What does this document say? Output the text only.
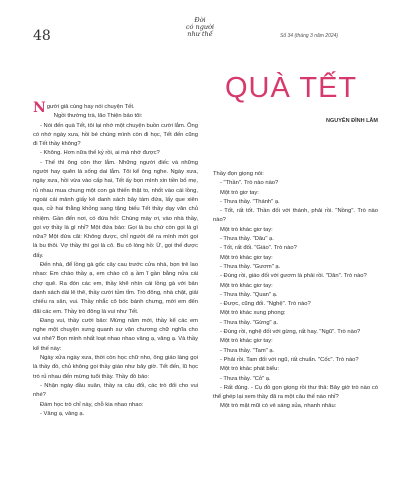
48
Đời
có người
như thế	Số 34 (tháng 3 năm 2024)
QUÀ TẾT
NGUYỄN ĐÌNH LÂM

Người giả cùng hay nói chuyện Tết.

Ngồi thường trà, lão Thiện bảo tôi:

- Nói đến quà Tết, tôi lại nhớ một chuyện buồn cười lắm. Ông có nhớ ngày xưa, hồi bé chúng mình còn đi học, Tết đến cũng đi Tết thầy không?

- Không. Hơn nữa thế kỷ rồi, ai mà nhớ được?

- Thế thì ông còn thơ lắm. Những người điếc và những người hay quên là sống dai lắm. Tôi kể ông nghe. Ngày xưa, ngày xưa, hồi vừa vào cấp hai, Tết ấy bọn mình xin tiền bố mẹ, rủ nhau mua chung một con gà thiến thật to, nhốt vào cái lồng, ngoài cái mảnh giấy kẻ danh sách bây tám đứa, lấy que xiên qua, cử hai thằng khỏng sang tặng biếu Tết thầy dạy văn chủ nhiệm. Gần đến nơi, có đứa hỏi: Chúng mày ơi, vào nhà thầy, gọi vợ thầy là gì nhỉ? Một đứa bảo: Gọi là bu chứ còn gọi là gì nữa? Một đứa cãi: Không được, chỉ người đẻ ra mình mới gọi là bu thôi. Vợ thầy thì gọi là cô. Bu cô lòng hồ: Ừ, gọi thế được đấy.

Đến nhà, để lồng gà gốc cây cau trước cửa nhà, bọn trẻ lao nhao: Em chào thầy ạ, em chào cô ạ ầm ĩ gần bằng nửa cái chợ quê. Ra đón các em, thầy khẽ nhìn cái lồng gà với bản danh sách dài lê thê, thầy cười tủm tỉm. Trò đông, nhà chật, giải chiếu ra sân, vui. Thầy nhắc cô bóc bánh chưng, mời em đến đãi các em. Thầy trò đông là vui như Tết.

Đang vui, thầy cười bảo: Mừng năm mới, thầy kể các em nghe một chuyện xưng quanh sự văn chương chữ nghĩa cho vui nhé? Bọn mình nhất loạt nhao nhao vâng ạ, vâng ạ. Và thầy kể thế này:

Ngày xửa ngày xưa, thời còn học chữ nho, ông giáo làng gọi là thầy đồ, chủ không gọi thầy giáo như bây giờ. Tết đến, lũ học trò rủ nhau đến mừng tuổi thầy. Thầy đồ bảo:

- Nhận ngày đầu xuân, thầy ra câu đối, các trò đối cho vui nhé?

Đám học trò chỉ này, chỗ kia nhao nhao:

- Vâng ạ, vâng ạ.

Thầy đọn giọng nói:

- "Thần". Trò nào nào?

Một trò giơ tay:

- Thưa thầy. "Thánh" ạ.

- Tốt, rất tốt. Thần đối với thánh, phải rồi. "Nồng". Trò nào nào?

Một trò khác giơ tay:

- Thưa thầy. "Dâu" ạ.

- Tốt, rất đối. "Giáo". Trò nào?

Một trò khác giơ tay:

- Thưa thầy. "Gươm" ạ.

- Đúng rồi, giáo đối với gươm là phải rồi. "Dân". Trò nào?

Một trò khác giơ tay:

- Thưa thầy. "Quan" ạ.

- Được, cũng đối. "Nghệ". Trò nào?

Một trò khác xung phong:

- Thưa thầy. "Gừng" ạ.

- Đúng rồi, nghệ đối với gừng, rất hay. "Ngũ". Trò nào?

Một trò khác giơ tay:

- Thưa thầy. "Tam" ạ.

- Phải rồi. Tam đối với ngũ, rất chuẩn. "Cốc". Trò nào?

Một trò khác phát biểu:

- Thưa thầy. "Cỏ" ạ.

- Rất đúng. - Cụ đồ gọn giọng rồi thư thả: Bây giờ trò nào có thể ghép lại xem thầy đã ra một câu thế nào nhỉ?

Một trò mặt mũi có vẻ sáng sủa, nhanh nhảu:
